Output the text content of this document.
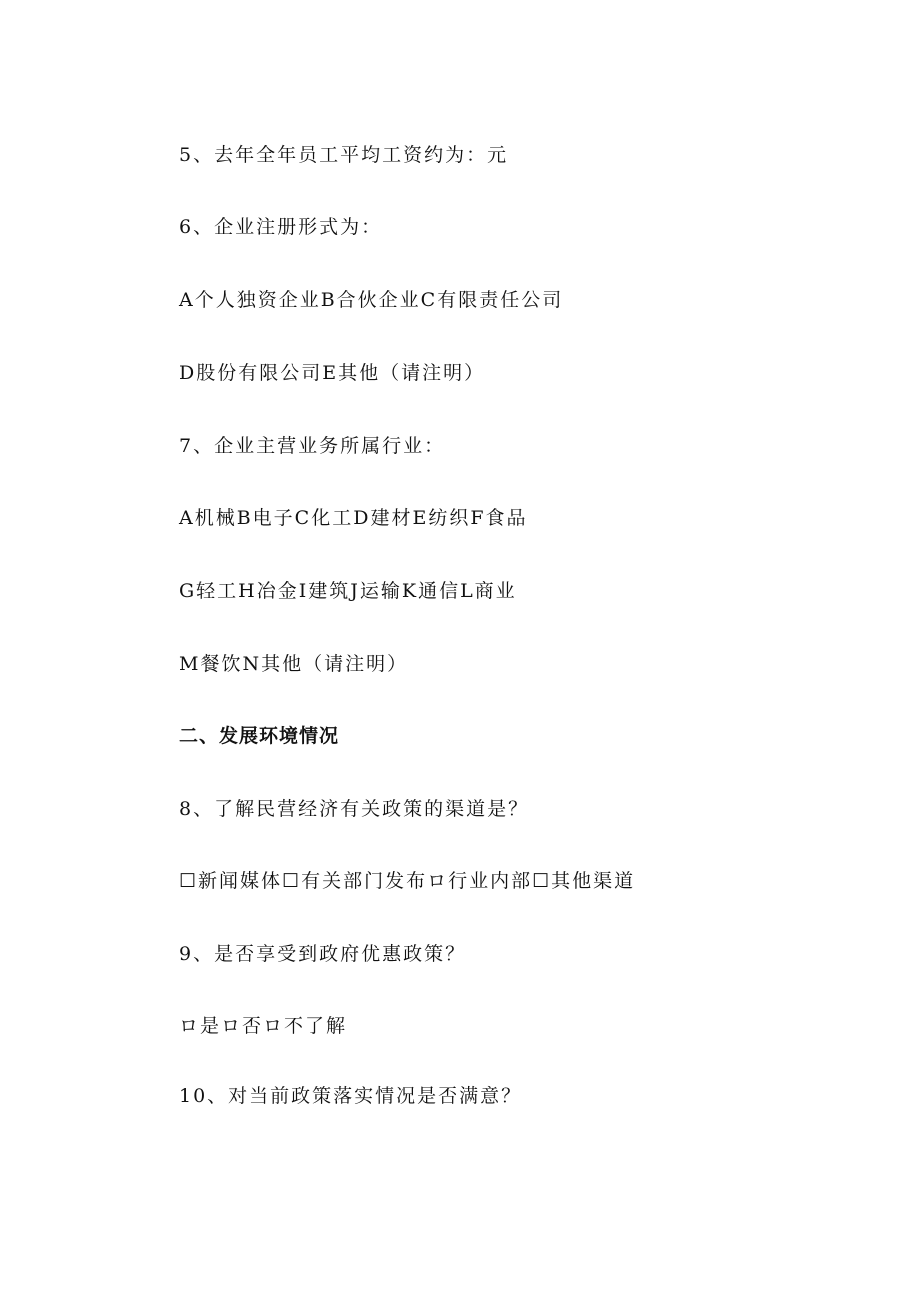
5、去年全年员工平均工资约为：元
6、企业注册形式为：
A个人独资企业B合伙企业C有限责任公司
D股份有限公司E其他（请注明）
7、企业主营业务所属行业：
A机械B电子C化工D建材E纺织F食品
G轻工H冶金I建筑J运输K通信L商业
M餐饮N其他（请注明）
二、发展环境情况
8、了解民营经济有关政策的渠道是？
☐新闻媒体☐有关部门发布ロ行业内部☐其他渠道
9、是否享受到政府优惠政策？
ロ是ロ否ロ不了解
10、对当前政策落实情况是否满意？
